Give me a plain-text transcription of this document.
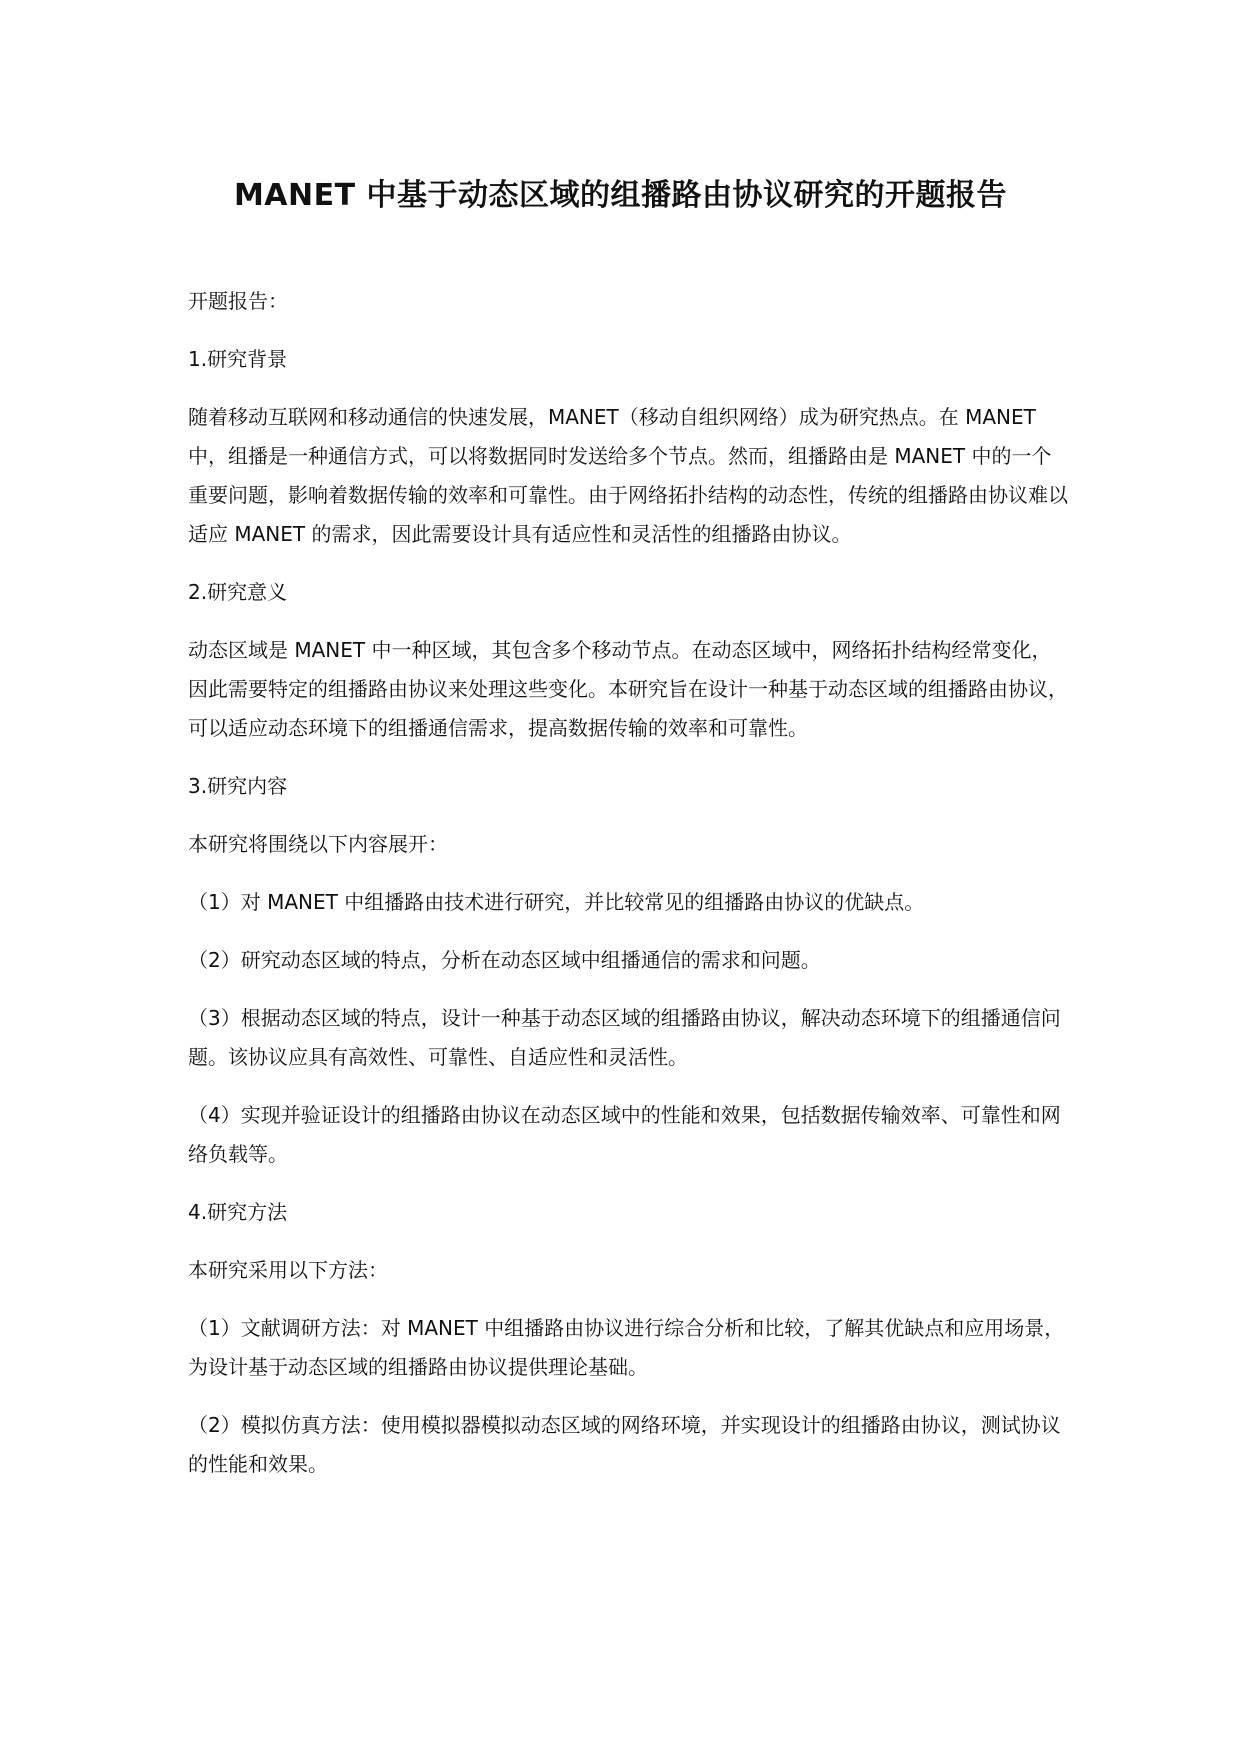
MANET 中基于动态区域的组播路由协议研究的开题报告

开题报告：

1.研究背景

随着移动互联网和移动通信的快速发展，MANET（移动自组织网络）成为研究热点。在 MANET 中，组播是一种通信方式，可以将数据同时发送给多个节点。然而，组播路由是 MANET 中的一个重要问题，影响着数据传输的效率和可靠性。由于网络拓扑结构的动态性，传统的组播路由协议难以适应 MANET 的需求，因此需要设计具有适应性和灵活性的组播路由协议。

2.研究意义

动态区域是 MANET 中一种区域，其包含多个移动节点。在动态区域中，网络拓扑结构经常变化，因此需要特定的组播路由协议来处理这些变化。本研究旨在设计一种基于动态区域的组播路由协议，可以适应动态环境下的组播通信需求，提高数据传输的效率和可靠性。

3.研究内容

本研究将围绕以下内容展开：

（1）对 MANET 中组播路由技术进行研究，并比较常见的组播路由协议的优缺点。

（2）研究动态区域的特点，分析在动态区域中组播通信的需求和问题。

（3）根据动态区域的特点，设计一种基于动态区域的组播路由协议，解决动态环境下的组播通信问题。该协议应具有高效性、可靠性、自适应性和灵活性。

（4）实现并验证设计的组播路由协议在动态区域中的性能和效果，包括数据传输效率、可靠性和网络负载等。

4.研究方法

本研究采用以下方法：

（1）文献调研方法：对 MANET 中组播路由协议进行综合分析和比较，了解其优缺点和应用场景，为设计基于动态区域的组播路由协议提供理论基础。

（2）模拟仿真方法：使用模拟器模拟动态区域的网络环境，并实现设计的组播路由协议，测试协议的性能和效果。
